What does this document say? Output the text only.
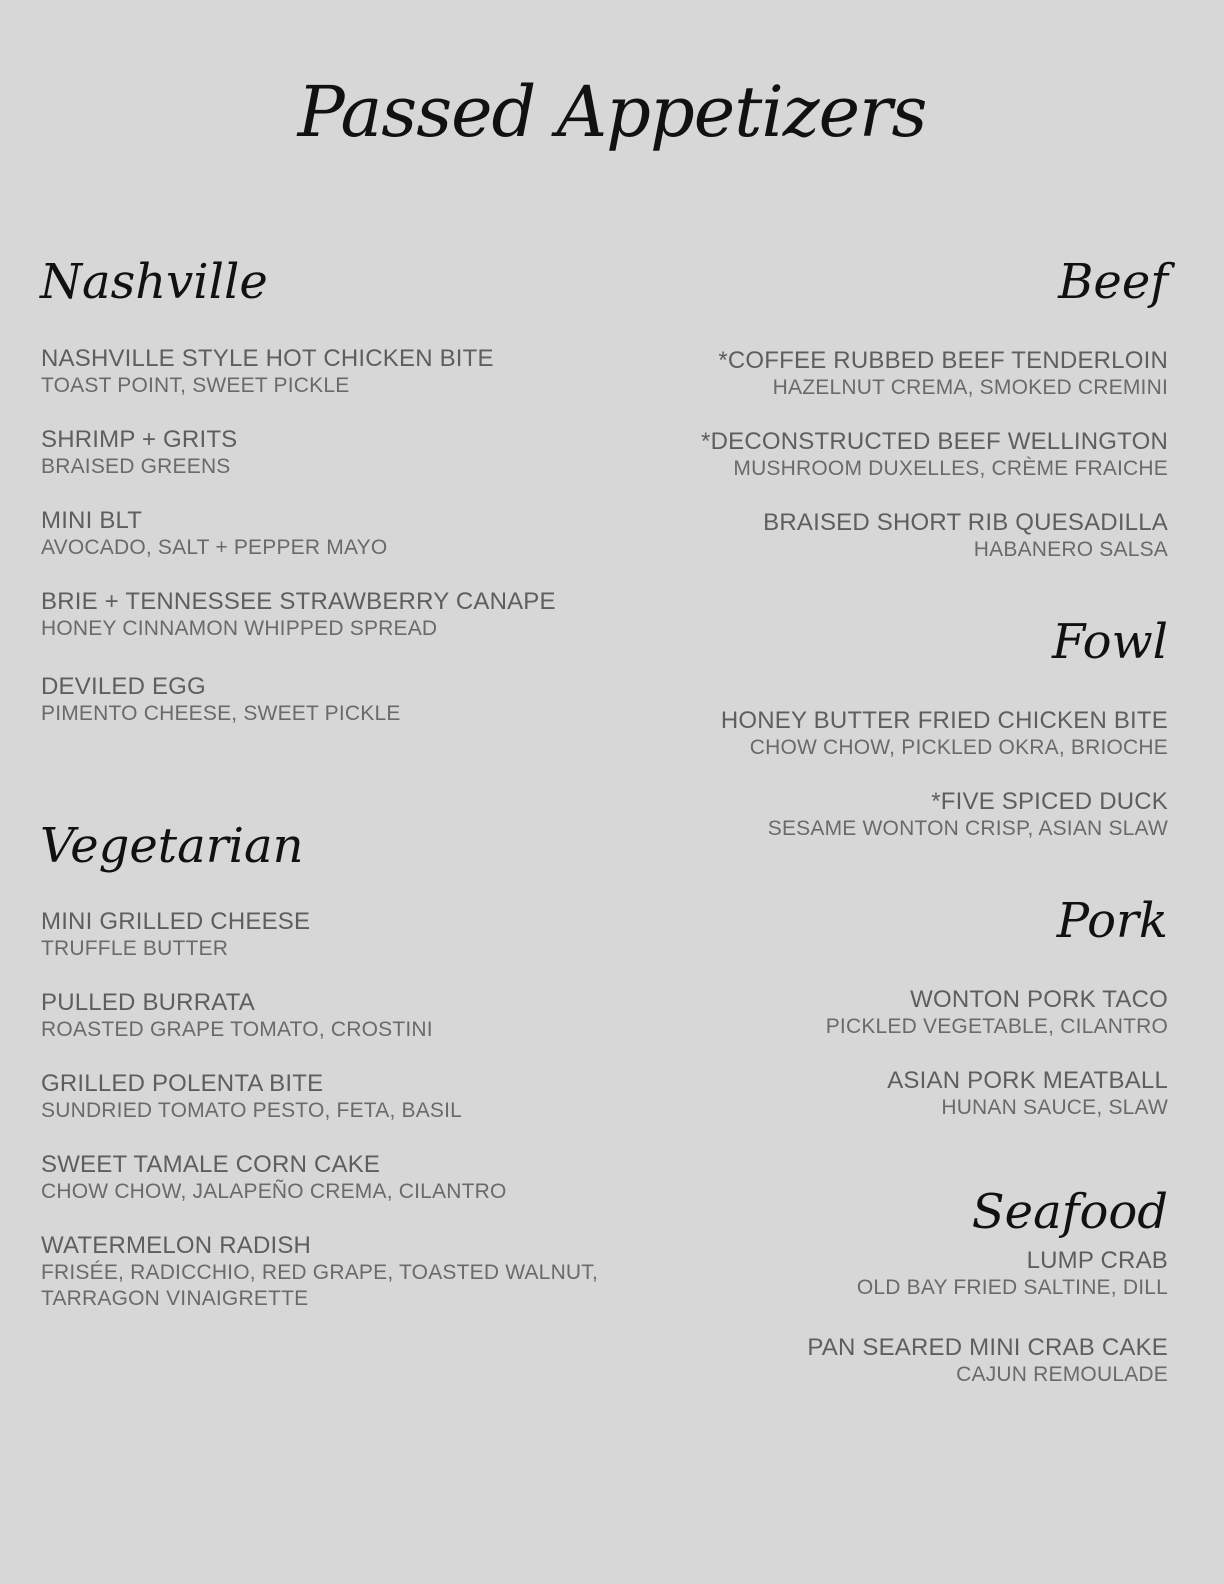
Passed Appetizers
Nashville
NASHVILLE STYLE HOT CHICKEN BITE
TOAST POINT, SWEET PICKLE
SHRIMP + GRITS
BRAISED GREENS
MINI BLT
AVOCADO, SALT + PEPPER MAYO
BRIE + TENNESSEE STRAWBERRY CANAPE
HONEY CINNAMON WHIPPED SPREAD
DEVILED EGG
PIMENTO CHEESE, SWEET PICKLE
Vegetarian
MINI GRILLED CHEESE
TRUFFLE BUTTER
PULLED BURRATA
ROASTED GRAPE TOMATO, CROSTINI
GRILLED POLENTA BITE
SUNDRIED TOMATO PESTO, FETA, BASIL
SWEET TAMALE CORN CAKE
CHOW CHOW, JALAPEÑO CREMA, CILANTRO
WATERMELON RADISH
FRISÉE, RADICCHIO, RED GRAPE, TOASTED WALNUT,
TARRAGON VINAIGRETTE
Beef
*COFFEE RUBBED BEEF TENDERLOIN
HAZELNUT CREMA, SMOKED CREMINI
*DECONSTRUCTED BEEF WELLINGTON
MUSHROOM DUXELLES, CRÈME FRAICHE
BRAISED SHORT RIB QUESADILLA
HABANERO SALSA
Fowl
HONEY BUTTER FRIED CHICKEN BITE
CHOW CHOW, PICKLED OKRA, BRIOCHE
*FIVE SPICED DUCK
SESAME WONTON CRISP, ASIAN SLAW
Pork
WONTON PORK TACO
PICKLED VEGETABLE, CILANTRO
ASIAN PORK MEATBALL
HUNAN SAUCE, SLAW
Seafood
LUMP CRAB
OLD BAY FRIED SALTINE, DILL
PAN SEARED MINI CRAB CAKE
CAJUN REMOULADE
